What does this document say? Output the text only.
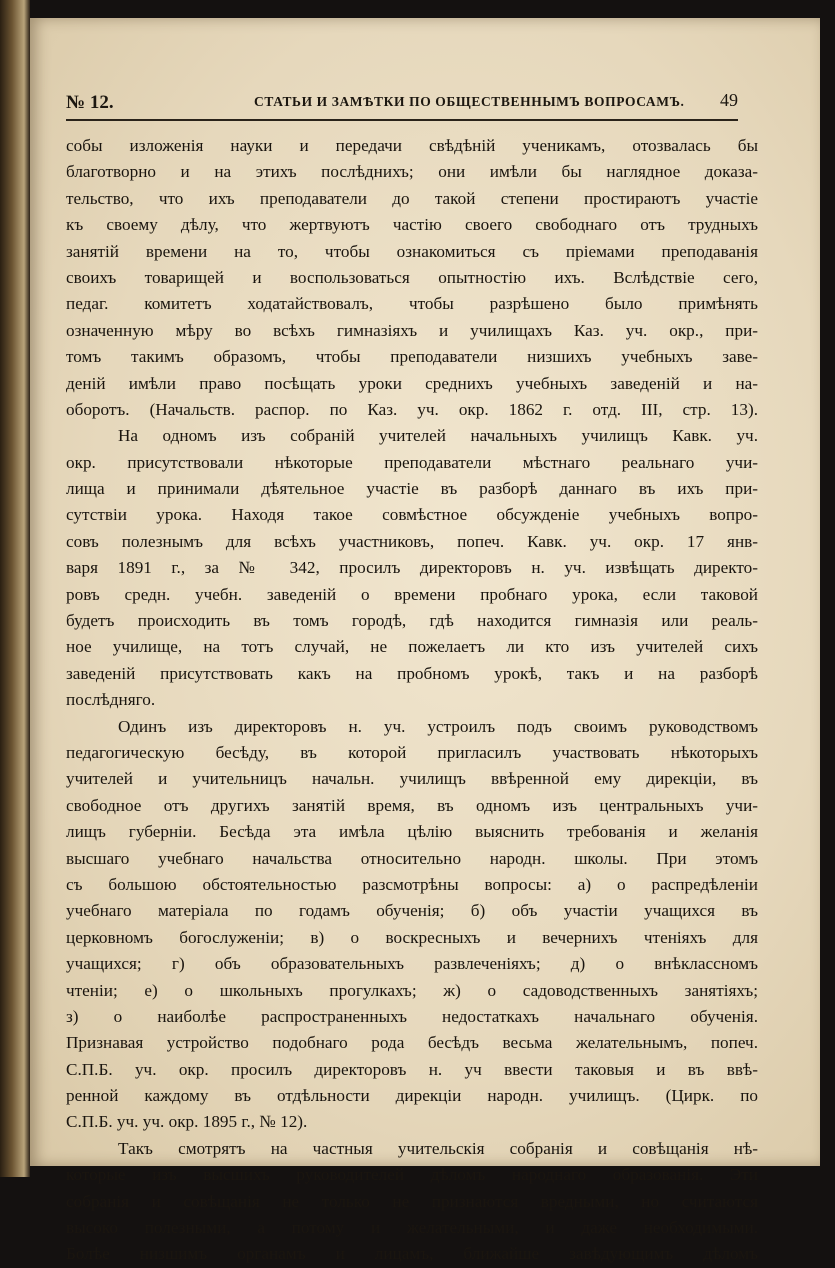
№ 12.	СТАТЬИ И ЗАМѢТКИ ПО ОБЩЕСТВЕННЫМЪ ВОПРОСАМЪ. 49
собы изложенія науки и передачи свѣдѣній ученикамъ, отозвалась бы
благотворно и на этихъ послѣднихъ; они имѣли бы наглядное доказа-
тельство, что ихъ преподаватели до такой степени простираютъ участіе
къ своему дѣлу, что жертвуютъ частію своего свободнаго отъ трудныхъ
занятій времени на то, чтобы ознакомиться съ пріемами преподаванія
своихъ товарищей и воспользоваться опытностію ихъ. Вслѣдствіе сего,
педаг. комитетъ ходатайствовалъ, чтобы разрѣшено было примѣнять
означенную мѣру во всѣхъ гимназіяхъ и училищахъ Каз. уч. окр., при-
томъ такимъ образомъ, чтобы преподаватели низшихъ учебныхъ заве-
деній имѣли право посѣщать уроки среднихъ учебныхъ заведеній и на-
оборотъ. (Начальств. распор. по Каз. уч. окр. 1862 г. отд. III, стр. 13).
На одномъ изъ собраній учителей начальныхъ училищъ Кавк. уч.
окр. присутствовали нѣкоторые преподаватели мѣстнаго реальнаго учи-
лища и принимали дѣятельное участіе въ разборѣ даннаго въ ихъ при-
сутствіи урока. Находя такое совмѣстное обсужденіе учебныхъ вопро-
совъ полезнымъ для всѣхъ участниковъ, попеч. Кавк. уч. окр. 17 янв-
варя 1891 г., за № 342, просилъ директоровъ н. уч. извѣщать директо-
ровъ средн. учебн. заведеній о времени пробнаго урока, если таковой
будетъ происходить въ томъ городѣ, гдѣ находится гимназія или реаль-
ное училище, на тотъ случай, не пожелаетъ ли кто изъ учителей сихъ
заведеній присутствовать какъ на пробномъ урокѣ, такъ и на разборѣ
послѣдняго.
Одинъ изъ директоровъ н. уч. устроилъ подъ своимъ руководствомъ
педагогическую бесѣду, въ которой пригласилъ участвовать нѣкоторыхъ
учителей и учительницъ начальн. училищъ ввѣренной ему дирекціи, въ
свободное отъ другихъ занятій время, въ одномъ изъ центральныхъ учи-
лищъ губерніи. Бесѣда эта имѣла цѣлію выяснить требованія и желанія
высшаго учебнаго начальства относительно народн. школы. При этомъ
съ большою обстоятельностью разсмотрѣны вопросы: а) о распредѣленіи
учебнаго матеріала по годамъ обученія; б) объ участіи учащихся въ
церковномъ богослуженіи; в) о воскресныхъ и вечернихъ чтеніяхъ для
учащихся; г) объ образовательныхъ развлеченіяхъ; д) о внѣклассномъ
чтеніи; е) о школьныхъ прогулкахъ; ж) о садоводственныхъ занятіяхъ;
з) о наиболѣе распространенныхъ недостаткахъ начальнаго обученія.
Признавая устройство подобнаго рода бесѣдъ весьма желательнымъ, попеч.
С.П.Б. уч. окр. просилъ директоровъ н. уч ввести таковыя и въ ввѣ-
ренной каждому въ отдѣльности дирекціи народн. училищъ. (Цирк. по
С.П.Б. уч. уч. окр. 1895 г., № 12).
Такъ смотрятъ на частныя учительскія собранія и совѣщанія нѣ-
которые изъ высшихъ руководителей дѣломъ народнаго образованія. Эти
собранія и совѣщанія не только не признаются вредными, но считаются
высоко полезными, а потому и желательными, и даже необходимыми.
Болѣе низшимъ органамъ и лицамъ, ближайше завѣдующимъ дѣломъ
